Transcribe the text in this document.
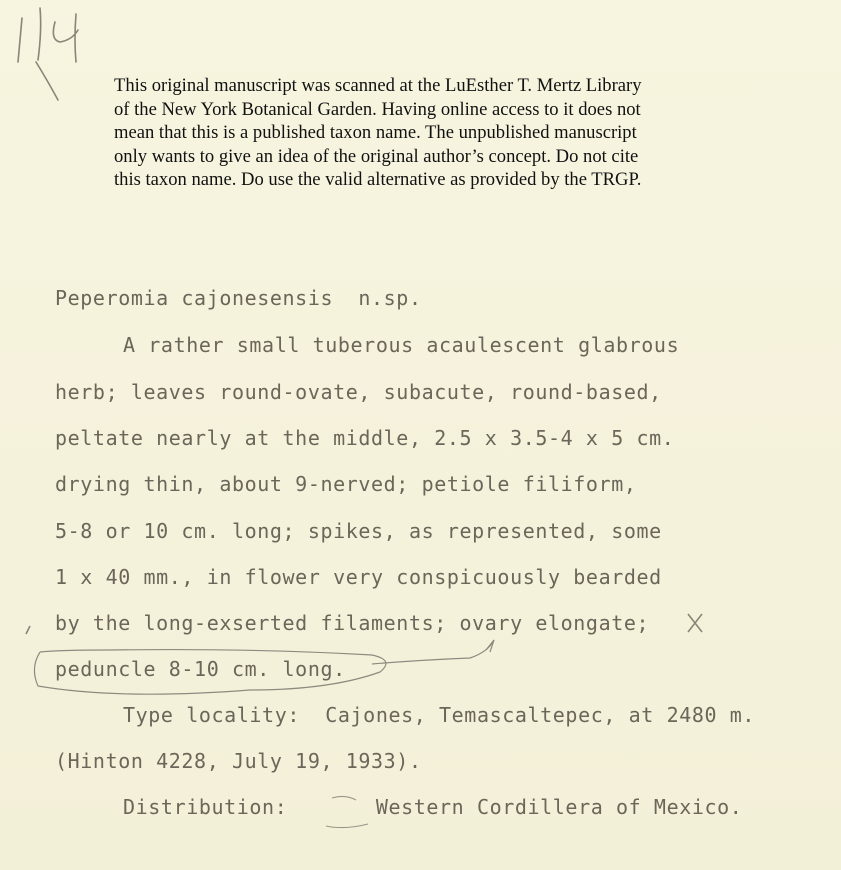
This original manuscript was scanned at the LuEsther T. Mertz Library
of the New York Botanical Garden. Having online access to it does not
mean that this is a published taxon name. The unpublished manuscript
only wants to give an idea of the original author’s concept. Do not cite
this taxon name. Do use the valid alternative as provided by the TRGP.
Peperomia cajonesensis  n.sp.
A rather small tuberous acaulescent glabrous
herb; leaves round-ovate, subacute, round-based,
peltate nearly at the middle, 2.5 x 3.5-4 x 5 cm.
drying thin, about 9-nerved; petiole filiform,
5-8 or 10 cm. long; spikes, as represented, some
1 x 40 mm., in flower very conspicuously bearded
by the long-exserted filaments; ovary elongate;
peduncle 8-10 cm. long.
Type locality:  Cajones, Temascaltepec, at 2480 m.
(Hinton 4228, July 19, 1933).
Distribution:       Western Cordillera of Mexico.
